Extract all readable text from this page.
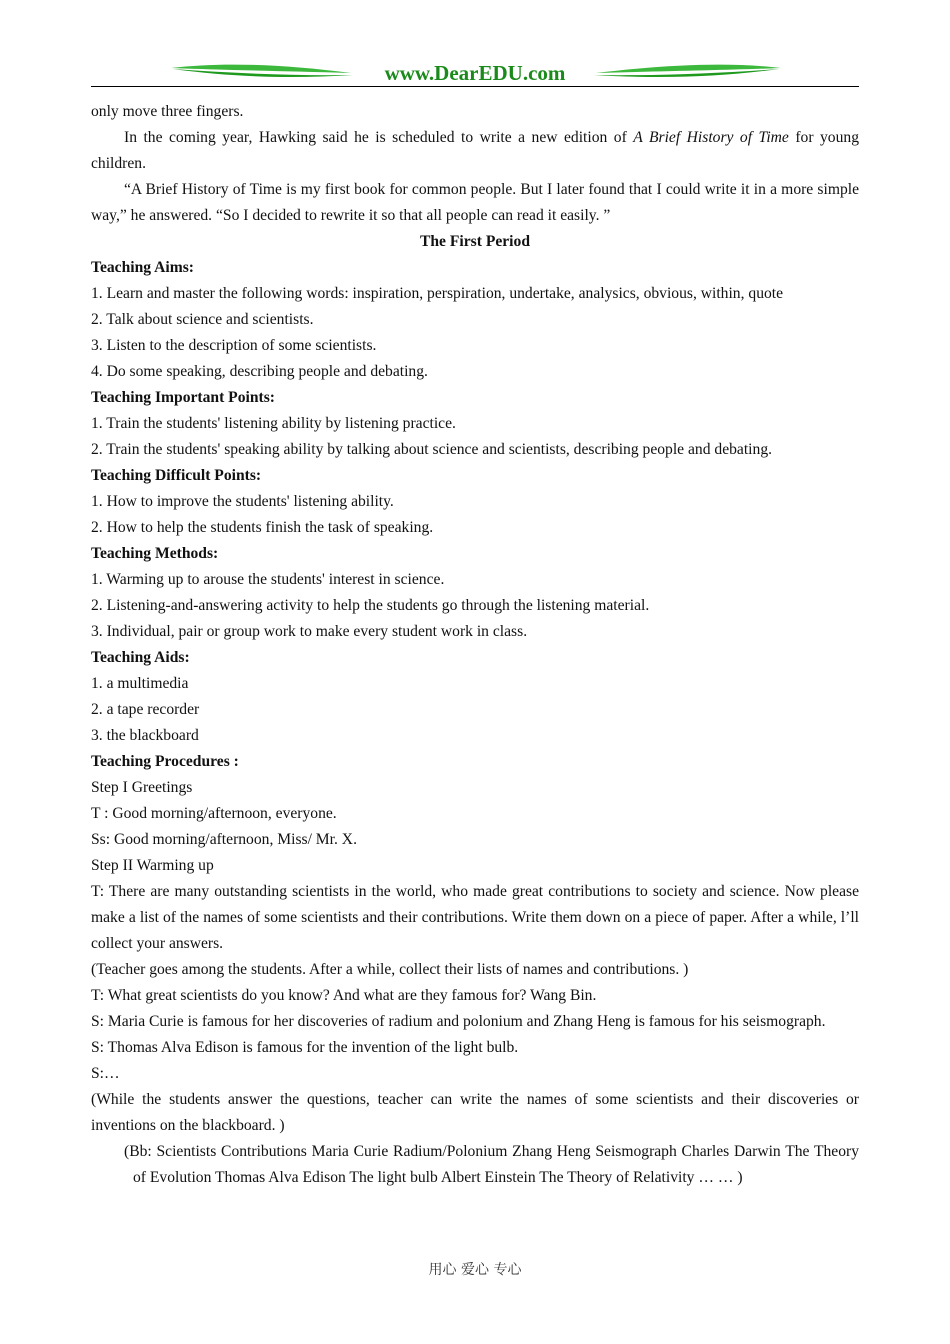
www.DearEDU.com

only move three fingers.

In the coming year, Hawking said he is scheduled to write a new edition of A Brief History of Time for young children.

“A Brief History of Time is my first book for common people. But I later found that I could write it in a more simple way,” he answered. “So I decided to rewrite it so that all people can read it easily. ”

The First Period

Teaching Aims:

1. Learn and master the following words: inspiration, perspiration, undertake, analysics, obvious, within, quote

2. Talk about science and scientists.

3. Listen to the description of some scientists.

4. Do some speaking, describing people and debating.

Teaching Important Points:

1. Train the students' listening ability by listening practice.

2. Train the students' speaking ability by talking about science and scientists, describing people and debating.

Teaching Difficult Points:

1. How to improve the students' listening ability.

2. How to help the students finish the task of speaking.

Teaching Methods:

1. Warming up to arouse the students' interest in science.

2. Listening-and-answering activity to help the students go through the listening material.

3. Individual, pair or group work to make every student work in class.

Teaching Aids:

1. a multimedia

2. a tape recorder

3. the blackboard

Teaching Procedures :

Step I Greetings

T : Good morning/afternoon, everyone.

Ss: Good morning/afternoon, Miss/ Mr. X.

Step II Warming up

T: There are many outstanding scientists in the world, who made great contributions to society and science. Now please make a list of the names of some scientists and their contributions. Write them down on a piece of paper. After a while, l’ll collect your answers.

(Teacher goes among the students. After a while, collect their lists of names and contributions. )

T: What great scientists do you know? And what are they famous for? Wang Bin.

S: Maria Curie is famous for her discoveries of radium and polonium and Zhang Heng is famous for his seismograph.

S: Thomas Alva Edison is famous for the invention of the light bulb.

S:…

(While the students answer the questions, teacher can write the names of some scientists and their discoveries or inventions on the blackboard. )

(Bb: Scientists Contributions Maria Curie Radium/Polonium Zhang Heng Seismograph Charles Darwin The Theory of Evolution Thomas Alva Edison The light bulb Albert Einstein The Theory of Relativity … … )

用心 爱心 专心
